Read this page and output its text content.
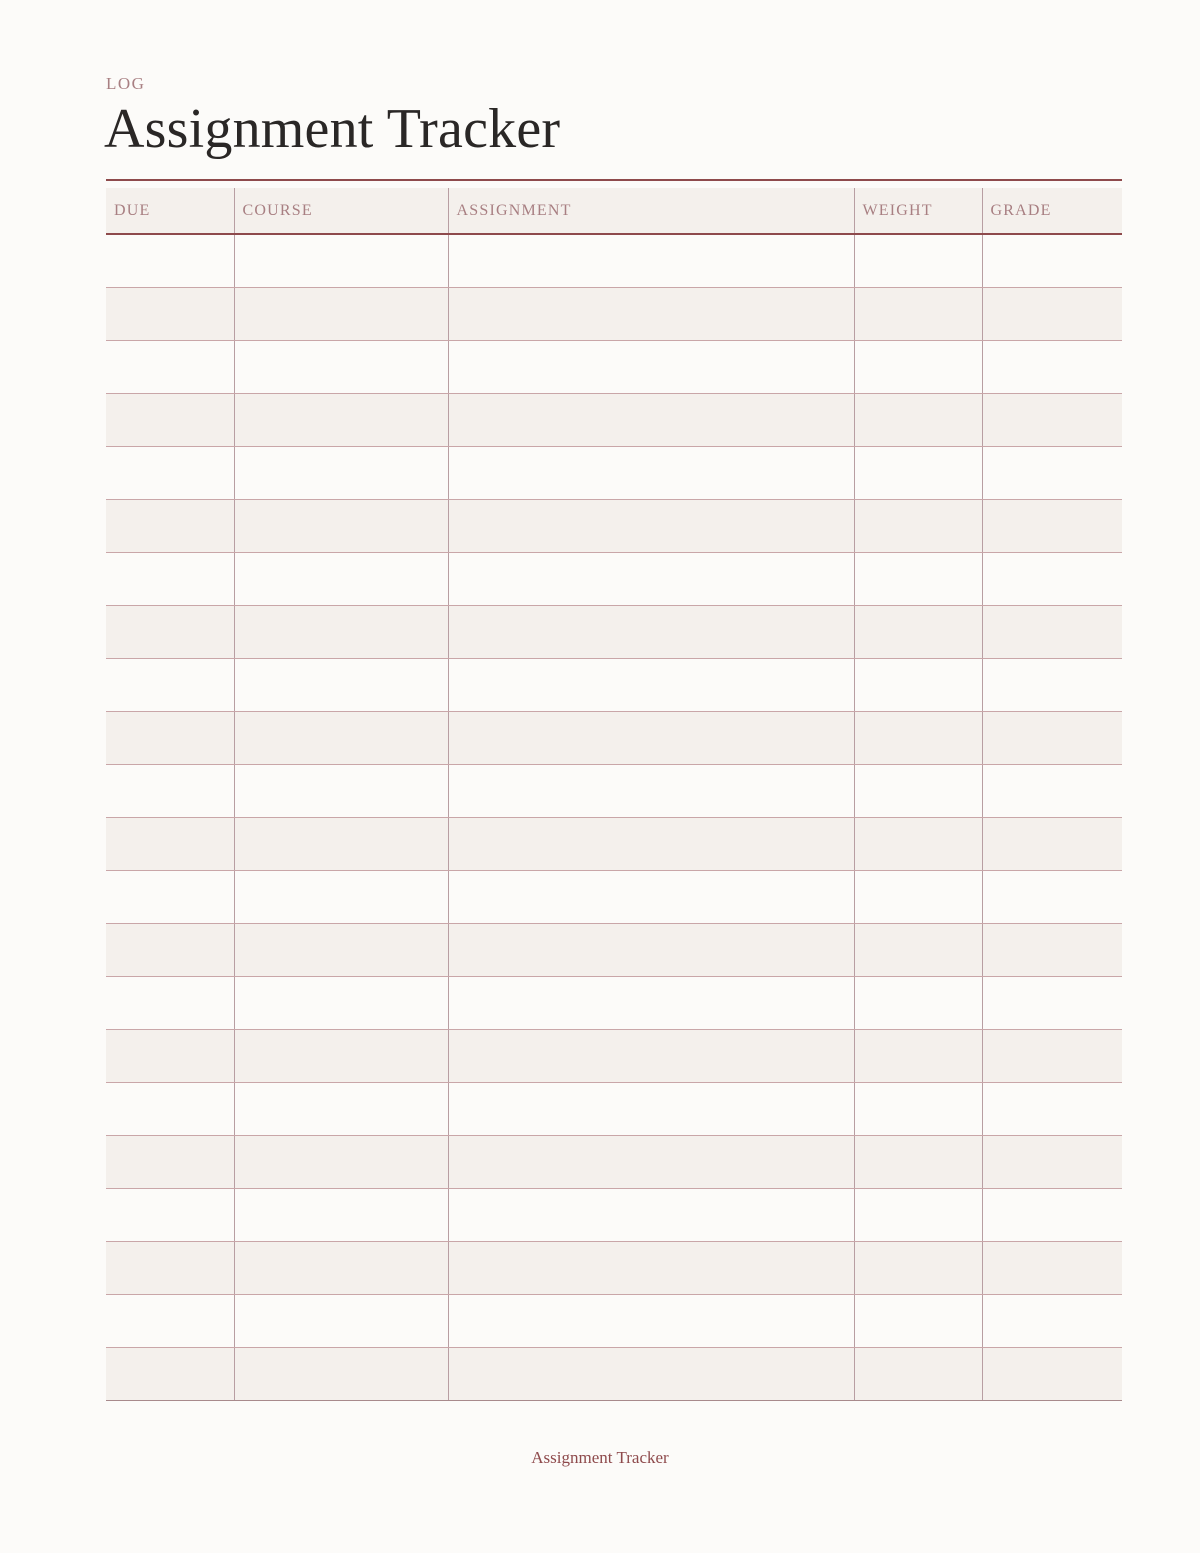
LOG
Assignment Tracker
DUE	COURSE	ASSIGNMENT	WEIGHT	GRADE

Assignment Tracker
